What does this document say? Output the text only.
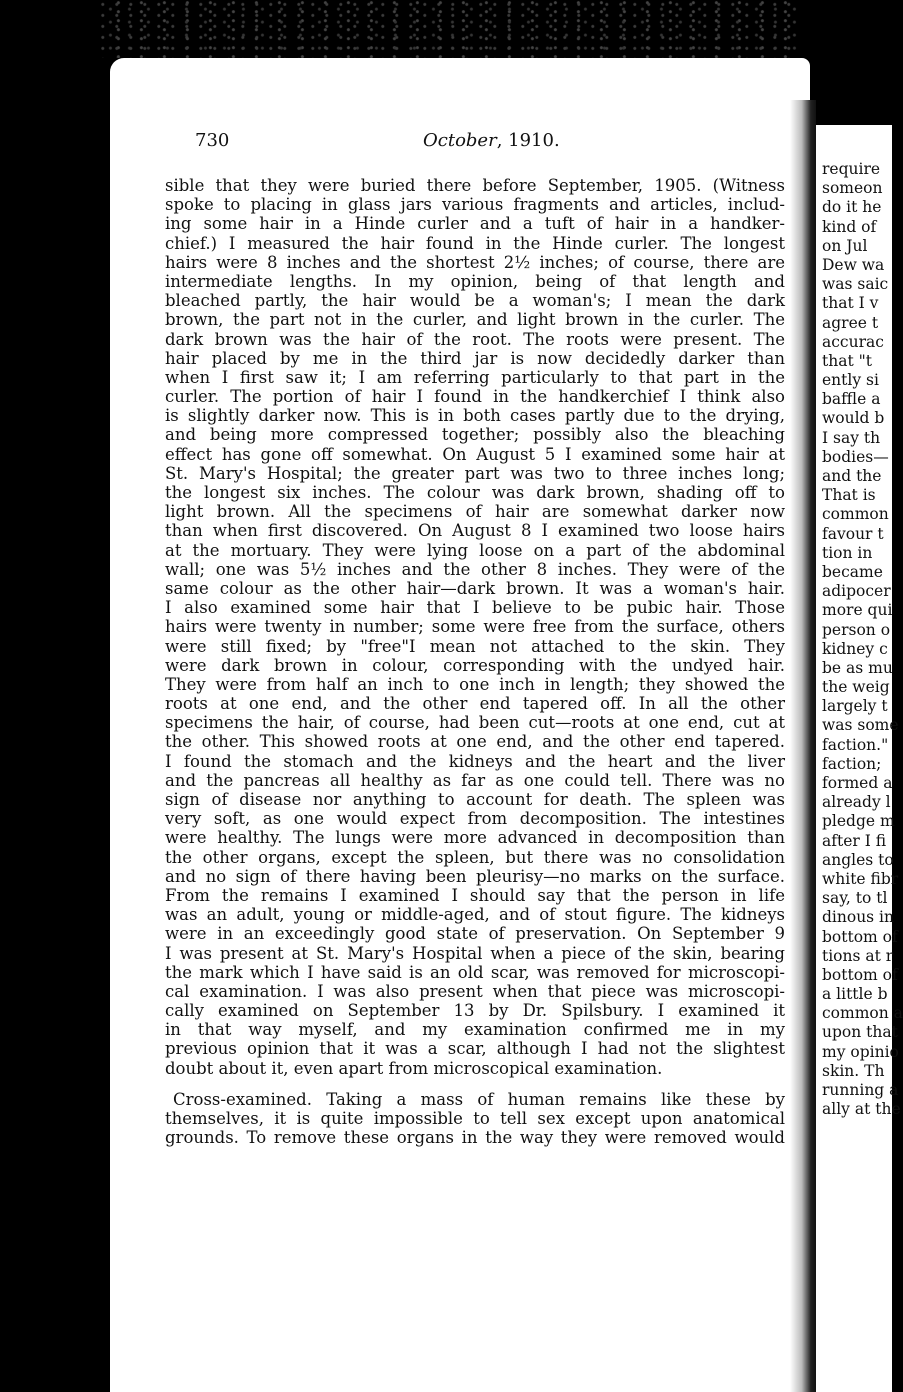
730	October, 1910.
sible that they were buried there before September, 1905. (Witness
spoke to placing in glass jars various fragments and articles, includ-
ing some hair in a Hinde curler and a tuft of hair in a handker-
chief.) I measured the hair found in the Hinde curler. The longest
hairs were 8 inches and the shortest 2½ inches; of course, there are
intermediate lengths. In my opinion, being of that length and
bleached partly, the hair would be a woman's; I mean the dark
brown, the part not in the curler, and light brown in the curler. The
dark brown was the hair of the root. The roots were present. The
hair placed by me in the third jar is now decidedly darker than
when I first saw it; I am referring particularly to that part in the
curler. The portion of hair I found in the handkerchief I think also
is slightly darker now. This is in both cases partly due to the drying,
and being more compressed together; possibly also the bleaching
effect has gone off somewhat. On August 5 I examined some hair at
St. Mary's Hospital; the greater part was two to three inches long;
the longest six inches. The colour was dark brown, shading off to
light brown. All the specimens of hair are somewhat darker now
than when first discovered. On August 8 I examined two loose hairs
at the mortuary. They were lying loose on a part of the abdominal
wall; one was 5½ inches and the other 8 inches. They were of the
same colour as the other hair—dark brown. It was a woman's hair.
I also examined some hair that I believe to be pubic hair. Those
hairs were twenty in number; some were free from the surface, others
were still fixed; by "free"I mean not attached to the skin. They
were dark brown in colour, corresponding with the undyed hair.
They were from half an inch to one inch in length; they showed the
roots at one end, and the other end tapered off. In all the other
specimens the hair, of course, had been cut—roots at one end, cut at
the other. This showed roots at one end, and the other end tapered.
I found the stomach and the kidneys and the heart and the liver
and the pancreas all healthy as far as one could tell. There was no
sign of disease nor anything to account for death. The spleen was
very soft, as one would expect from decomposition. The intestines
were healthy. The lungs were more advanced in decomposition than
the other organs, except the spleen, but there was no consolidation
and no sign of there having been pleurisy—no marks on the surface.
From the remains I examined I should say that the person in life
was an adult, young or middle-aged, and of stout figure. The kidneys
were in an exceedingly good state of preservation. On September 9
I was present at St. Mary's Hospital when a piece of the skin, bearing
the mark which I have said is an old scar, was removed for microscopi-
cal examination. I was also present when that piece was microscopi-
cally examined on September 13 by Dr. Spilsbury. I examined it
in that way myself, and my examination confirmed me in my
previous opinion that it was a scar, although I had not the slightest
doubt about it, even apart from microscopical examination.
Cross-examined. Taking a mass of human remains like these by
themselves, it is quite impossible to tell sex except upon anatomical
grounds. To remove these organs in the way they were removed would
require
someon
do it he
kind of
on Jul
Dew wa
was saic
that I v
agree t
accurac
that "t
ently si
baffle a
would b
I say th
bodies—
and the
That is
common
favour t
tion in
became
adipocer
more qui
person o
kidney c
be as mu
the weig
largely t
was some
faction."
faction;
formed a
already l
pledge m
after I fi
angles to
white fibr
say, to tl
dinous in
bottom of
tions at r
bottom of
a little b
common a
upon that
my opinio
skin. Th
running a
ally at the
